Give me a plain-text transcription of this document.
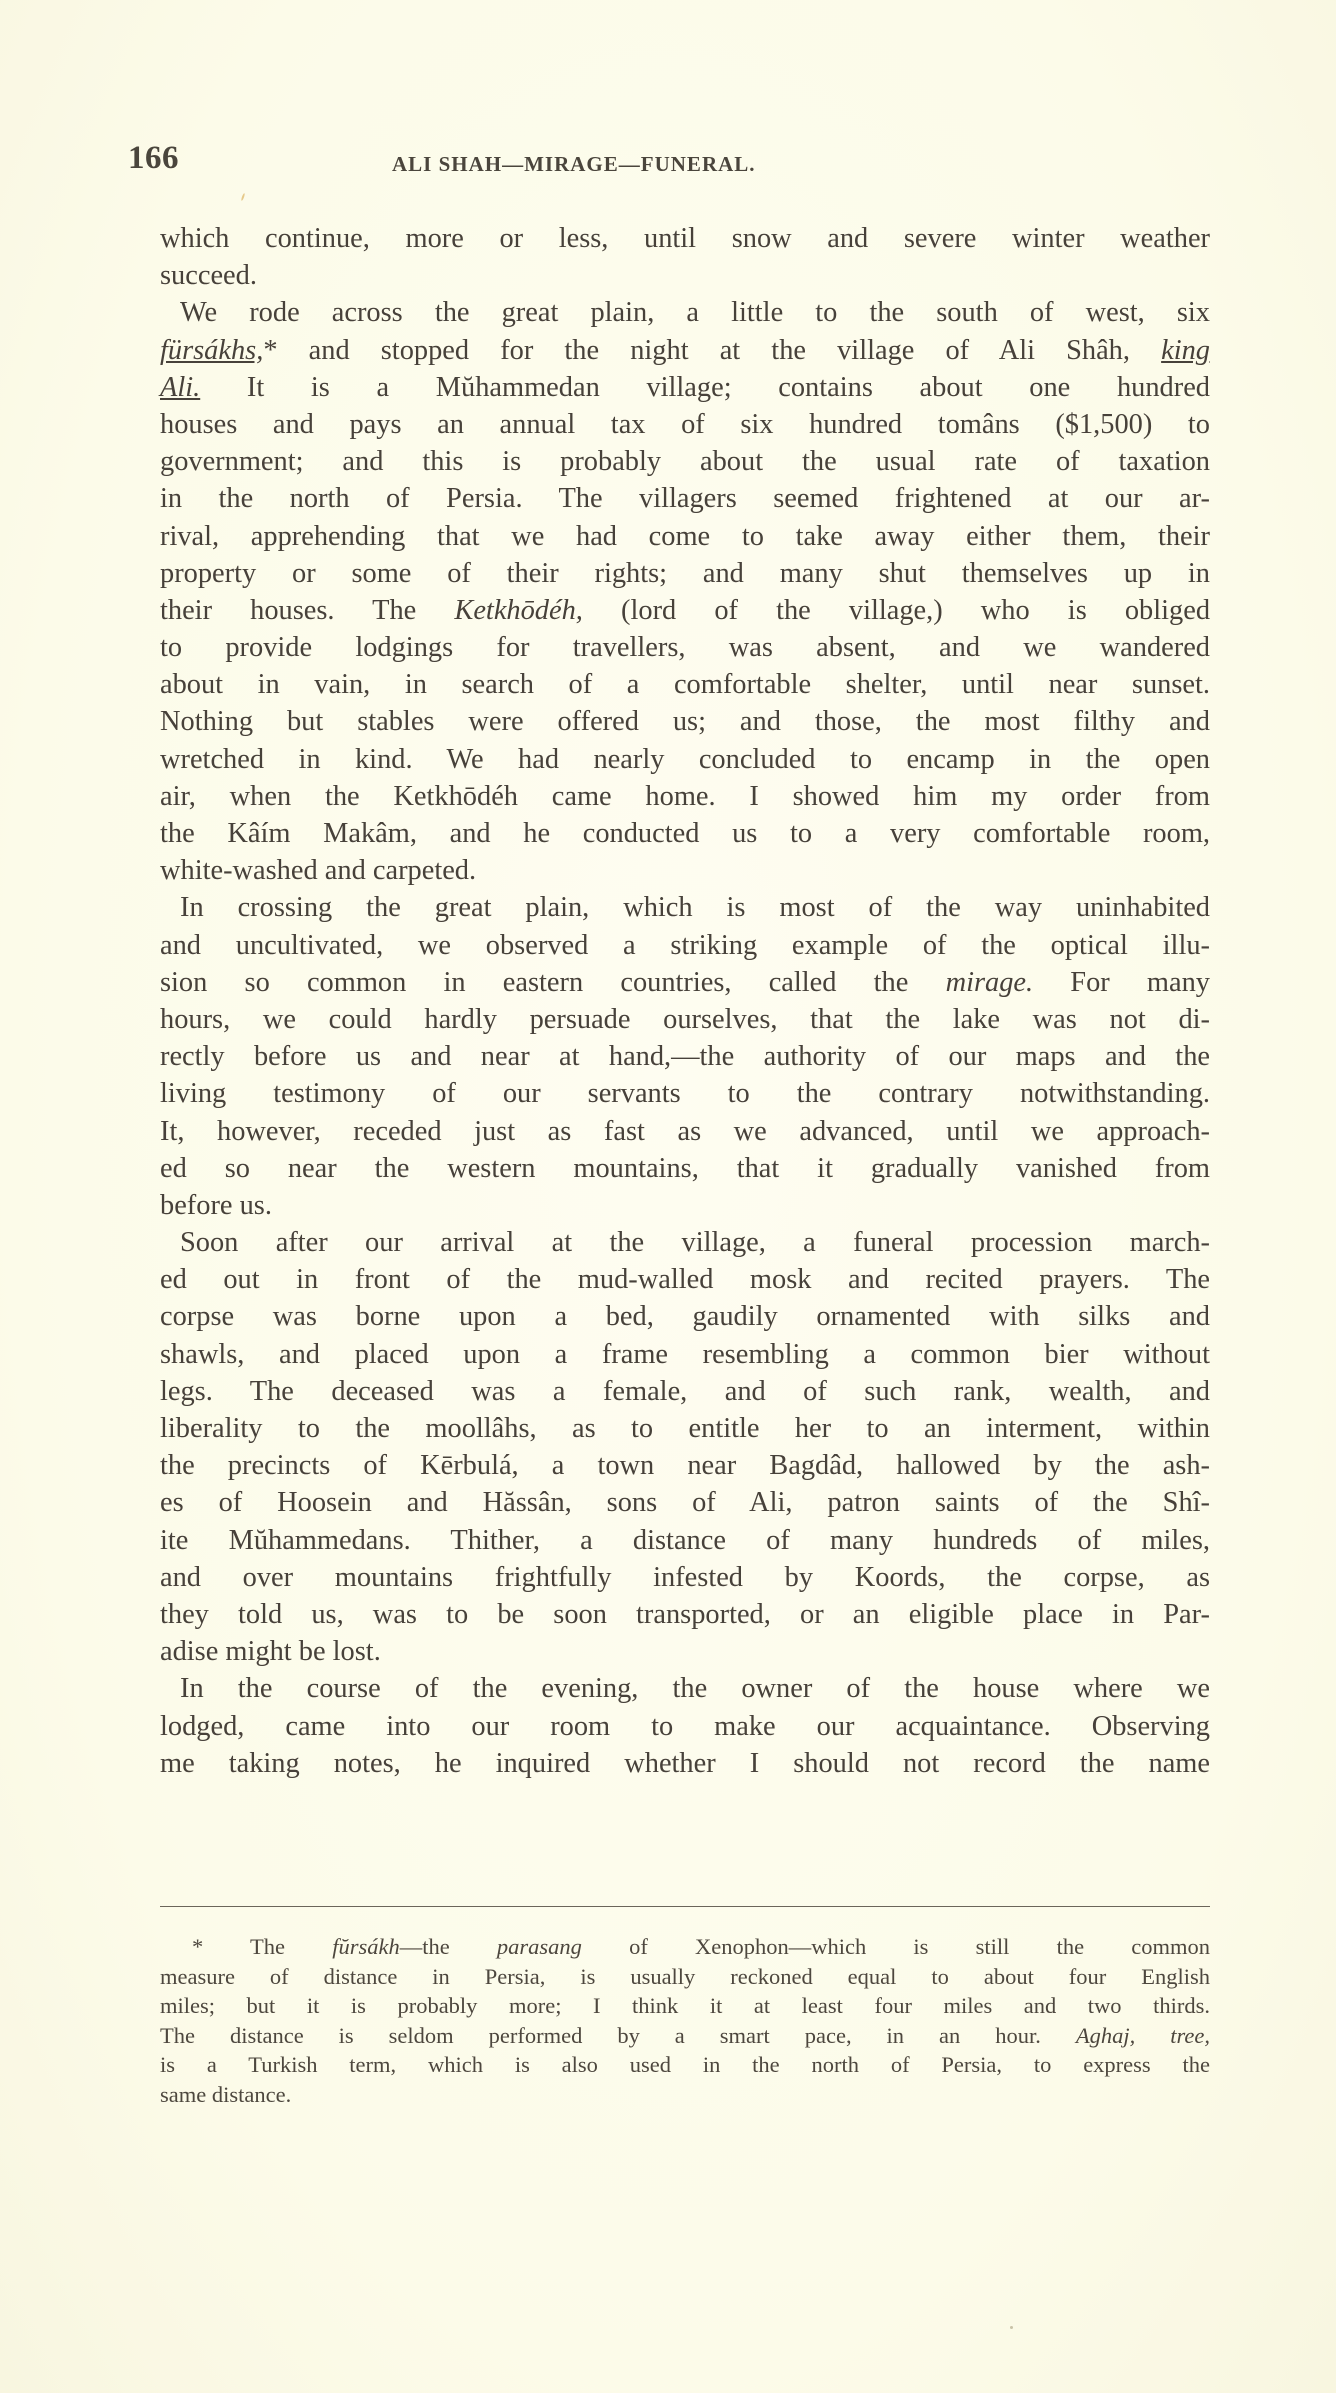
166	ALI SHAH—MIRAGE—FUNERAL.
which continue, more or less, until snow and severe winter weather
succeed.
We rode across the great plain, a little to the south of west, six
fürsákhs,* and stopped for the night at the village of Ali Shâh, king
Ali. It is a Mŭhammedan village; contains about one hundred
houses and pays an annual tax of six hundred tomâns ($1,500) to
government; and this is probably about the usual rate of taxation
in the north of Persia. The villagers seemed frightened at our ar-
rival, apprehending that we had come to take away either them, their
property or some of their rights; and many shut themselves up in
their houses. The Ketkhōdéh, (lord of the village,) who is obliged
to provide lodgings for travellers, was absent, and we wandered
about in vain, in search of a comfortable shelter, until near sunset.
Nothing but stables were offered us; and those, the most filthy and
wretched in kind. We had nearly concluded to encamp in the open
air, when the Ketkhōdéh came home. I showed him my order from
the Kâím Makâm, and he conducted us to a very comfortable room,
white-washed and carpeted.
In crossing the great plain, which is most of the way uninhabited
and uncultivated, we observed a striking example of the optical illu-
sion so common in eastern countries, called the mirage. For many
hours, we could hardly persuade ourselves, that the lake was not di-
rectly before us and near at hand,—the authority of our maps and the
living testimony of our servants to the contrary notwithstanding.
It, however, receded just as fast as we advanced, until we approach-
ed so near the western mountains, that it gradually vanished from
before us.
Soon after our arrival at the village, a funeral procession march-
ed out in front of the mud-walled mosk and recited prayers. The
corpse was borne upon a bed, gaudily ornamented with silks and
shawls, and placed upon a frame resembling a common bier without
legs. The deceased was a female, and of such rank, wealth, and
liberality to the moollâhs, as to entitle her to an interment, within
the precincts of Kērbulá, a town near Bagdâd, hallowed by the ash-
es of Hoosein and Hăssân, sons of Ali, patron saints of the Shî-
ite Mŭhammedans. Thither, a distance of many hundreds of miles,
and over mountains frightfully infested by Koords, the corpse, as
they told us, was to be soon transported, or an eligible place in Par-
adise might be lost.
In the course of the evening, the owner of the house where we
lodged, came into our room to make our acquaintance. Observing
me taking notes, he inquired whether I should not record the name
* The fŭrsákh—the parasang of Xenophon—which is still the common
measure of distance in Persia, is usually reckoned equal to about four English
miles; but it is probably more; I think it at least four miles and two thirds.
The distance is seldom performed by a smart pace, in an hour. Aghaj, tree,
is a Turkish term, which is also used in the north of Persia, to express the
same distance.
